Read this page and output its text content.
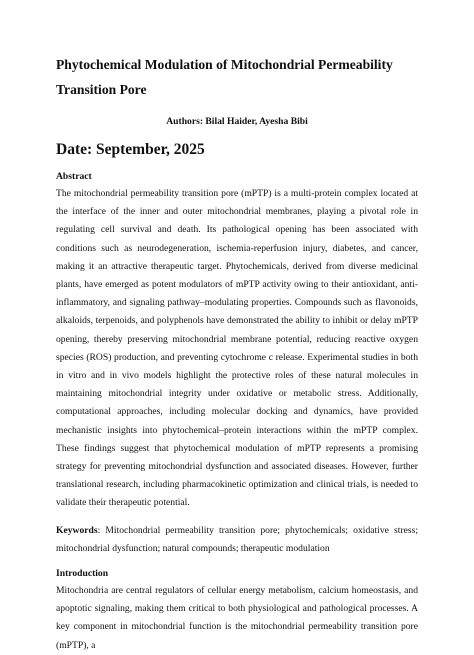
Phytochemical Modulation of Mitochondrial Permeability Transition Pore
Authors: Bilal Haider, Ayesha Bibi
Date: September, 2025
Abstract

The mitochondrial permeability transition pore (mPTP) is a multi-protein complex located at the interface of the inner and outer mitochondrial membranes, playing a pivotal role in regulating cell survival and death. Its pathological opening has been associated with conditions such as neurodegeneration, ischemia-reperfusion injury, diabetes, and cancer, making it an attractive therapeutic target. Phytochemicals, derived from diverse medicinal plants, have emerged as potent modulators of mPTP activity owing to their antioxidant, anti-inflammatory, and signaling pathway–modulating properties. Compounds such as flavonoids, alkaloids, terpenoids, and polyphenols have demonstrated the ability to inhibit or delay mPTP opening, thereby preserving mitochondrial membrane potential, reducing reactive oxygen species (ROS) production, and preventing cytochrome c release. Experimental studies in both in vitro and in vivo models highlight the protective roles of these natural molecules in maintaining mitochondrial integrity under oxidative or metabolic stress. Additionally, computational approaches, including molecular docking and dynamics, have provided mechanistic insights into phytochemical–protein interactions within the mPTP complex. These findings suggest that phytochemical modulation of mPTP represents a promising strategy for preventing mitochondrial dysfunction and associated diseases. However, further translational research, including pharmacokinetic optimization and clinical trials, is needed to validate their therapeutic potential.

Keywords: Mitochondrial permeability transition pore; phytochemicals; oxidative stress; mitochondrial dysfunction; natural compounds; therapeutic modulation

Introduction

Mitochondria are central regulators of cellular energy metabolism, calcium homeostasis, and apoptotic signaling, making them critical to both physiological and pathological processes. A key component in mitochondrial function is the mitochondrial permeability transition pore (mPTP), a
